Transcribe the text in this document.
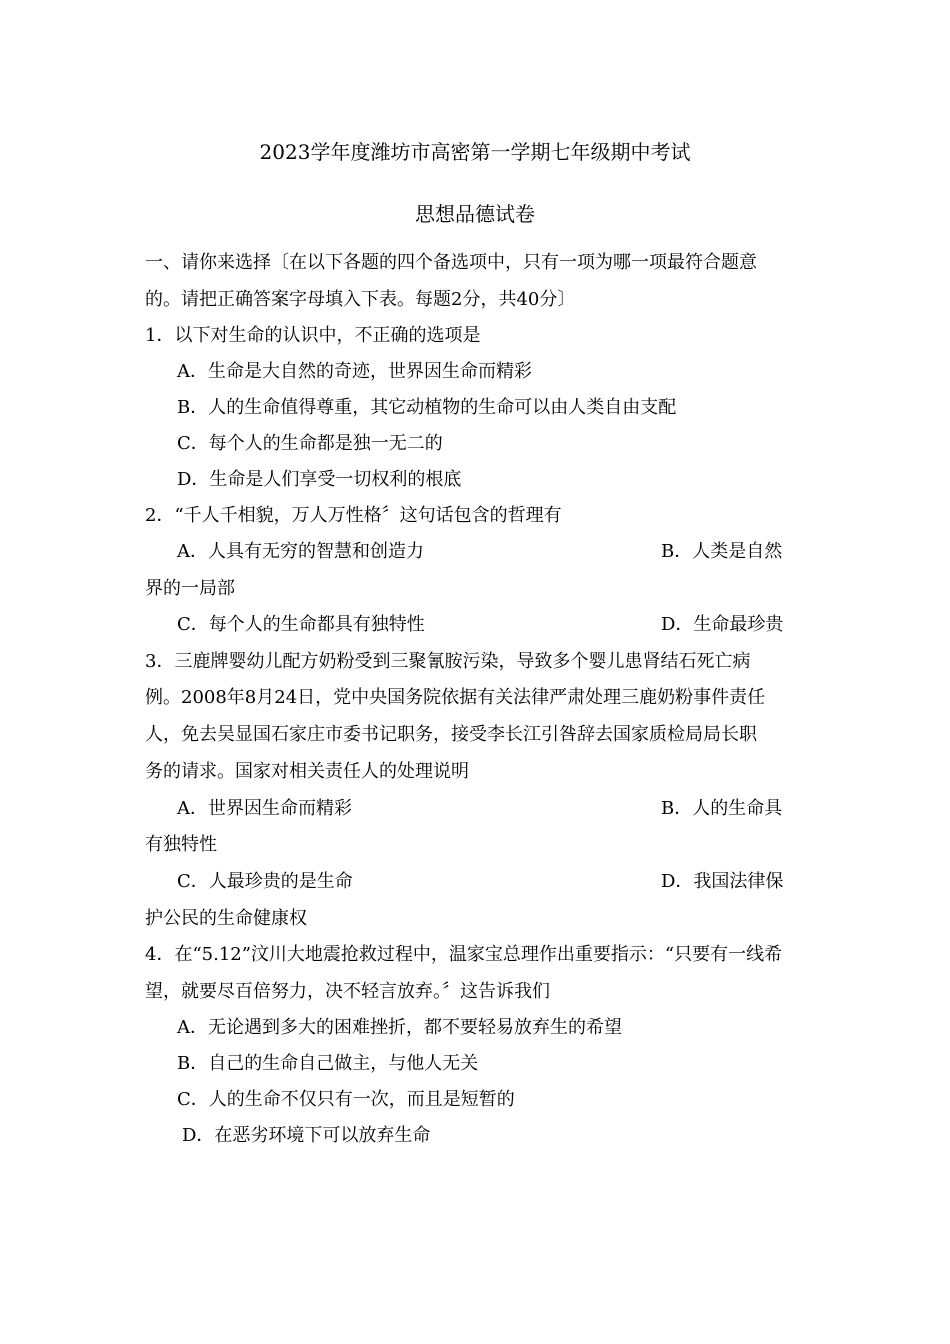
2023学年度潍坊市高密第一学期七年级期中考试
思想品德试卷
一、请你来选择〔在以下各题的四个备选项中，只有一项为哪一项最符合题意
的。请把正确答案字母填入下表。每题2分，共40分〕
1．以下对生命的认识中，不正确的选项是
A．生命是大自然的奇迹，世界因生命而精彩
B．人的生命值得尊重，其它动植物的生命可以由人类自由支配
C．每个人的生命都是独一无二的
D．生命是人们享受一切权利的根底
2．“千人千相貌，万人万性格〞这句话包含的哲理有
A．人具有无穷的智慧和创造力	B．人类是自然
界的一局部
C．每个人的生命都具有独特性	D．生命最珍贵
3．三鹿牌婴幼儿配方奶粉受到三聚氰胺污染，导致多个婴儿患肾结石死亡病
例。2008年8月24日，党中央国务院依据有关法律严肃处理三鹿奶粉事件责任
人，免去吴显国石家庄市委书记职务，接受李长江引咎辞去国家质检局局长职
务的请求。国家对相关责任人的处理说明
A．世界因生命而精彩	B．人的生命具
有独特性
C．人最珍贵的是生命	D．我国法律保
护公民的生命健康权
4．在“5.12”汶川大地震抢救过程中，温家宝总理作出重要指示：“只要有一线希
望，就要尽百倍努力，决不轻言放弃。〞这告诉我们
A．无论遇到多大的困难挫折，都不要轻易放弃生的希望
B．自己的生命自己做主，与他人无关
C．人的生命不仅只有一次，而且是短暂的
D．在恶劣环境下可以放弃生命
